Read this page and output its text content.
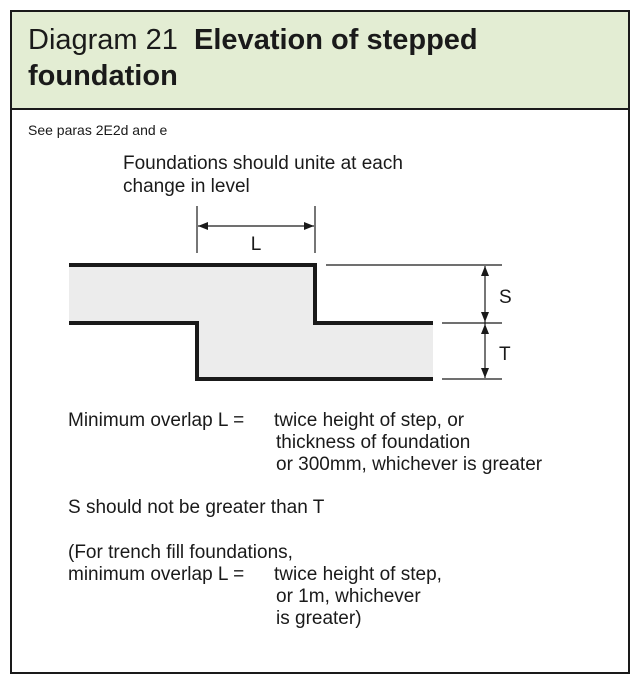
Diagram 21 Elevation of stepped foundation
See paras 2E2d and e
Foundations should unite at each change in level
L
S
T
Minimum overlap L = twice height of step, or
thickness of foundation
or 300mm, whichever is greater
S should not be greater than T
(For trench fill foundations,
minimum overlap L = twice height of step,
or 1m, whichever
is greater)
